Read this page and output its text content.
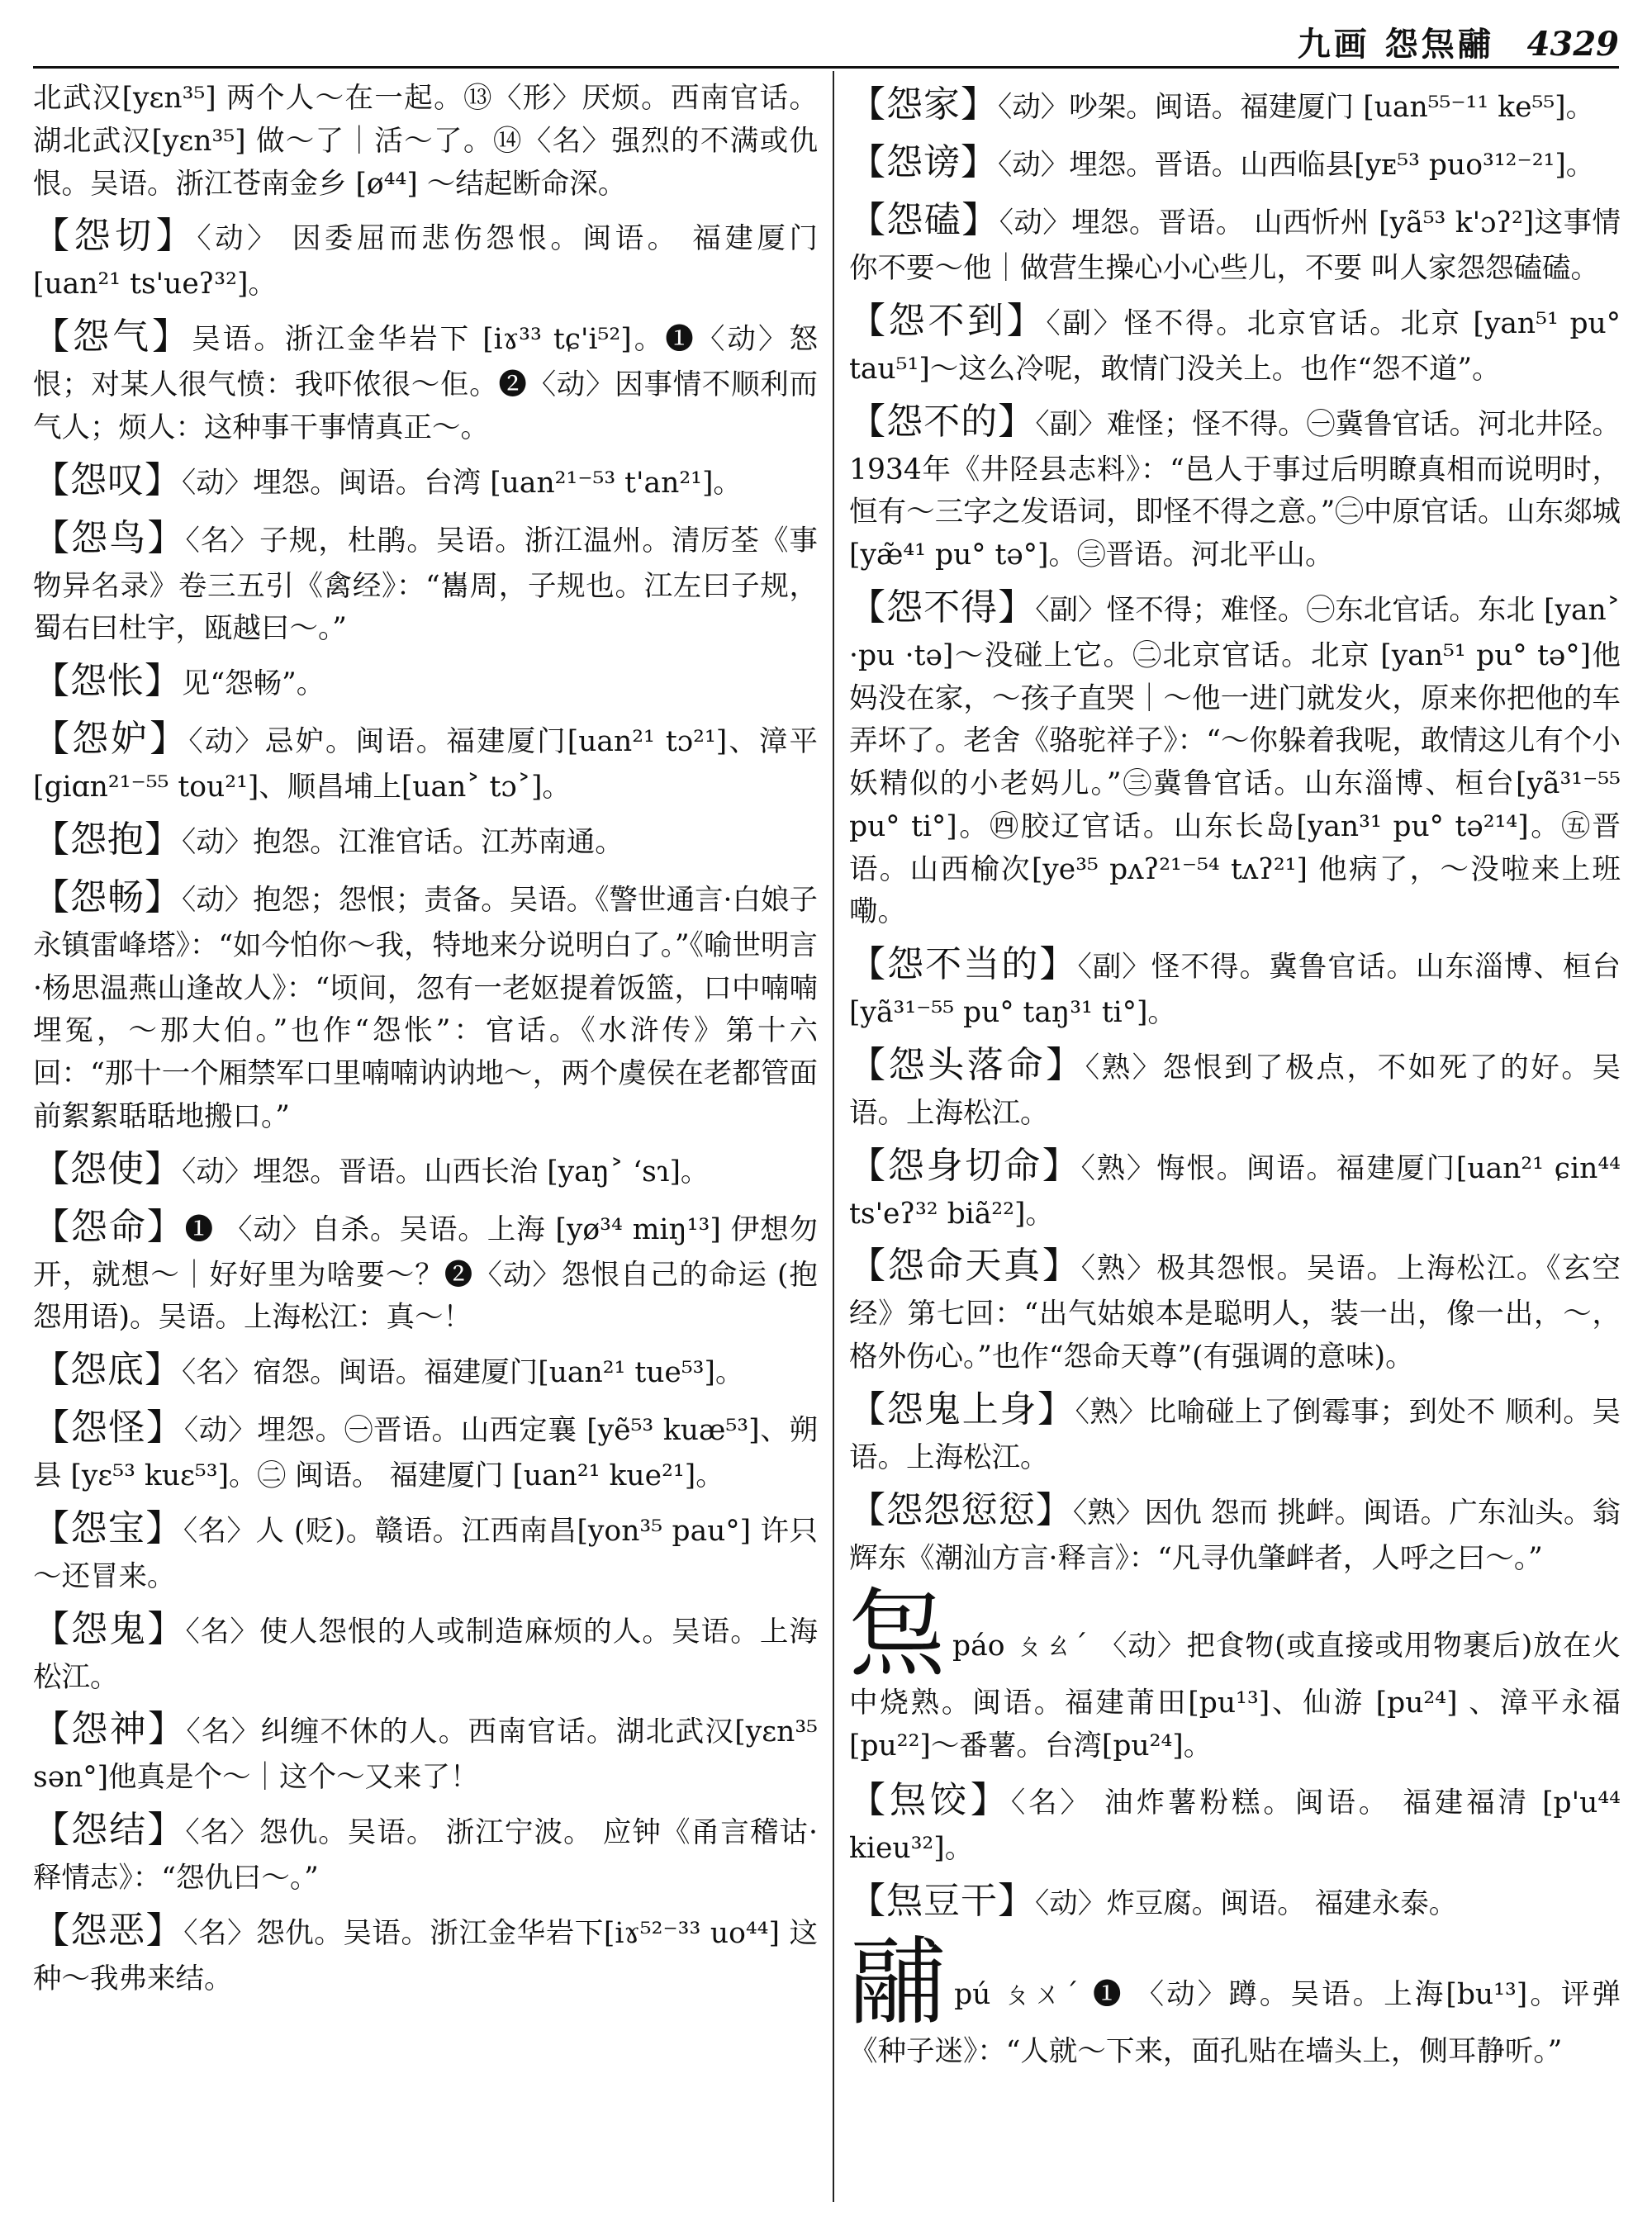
九画 怨炰鬴 4329

北武汉[yɛn³⁵] 两个人～在一起。⑬〈形〉厌烦。西南官话。湖北武汉[yɛn³⁵] 做～了｜活～了。⑭〈名〉强烈的不满或仇恨。吴语。浙江苍南金乡 [ø⁴⁴] ～结起断命深。

【怨切】〈动〉 因委屈而悲伤怨恨。闽语。 福建厦门 [uan²¹ ts'ueʔ³²]。

【怨气】吴语。浙江金华岩下 [iɤ³³ tɕ'i⁵²]。❶〈动〉怒恨；对某人很气愤：我吓侬很～佢。❷〈动〉因事情不顺利而气人；烦人：这种事干事情真正～。

【怨叹】〈动〉埋怨。闽语。台湾 [uan²¹⁻⁵³ t'an²¹]。

【怨鸟】〈名〉子规，杜鹃。吴语。浙江温州。清厉荃《事物异名录》卷三五引《禽经》：“巂周，子规也。江左曰子规，蜀右曰杜宇，瓯越曰～。”

【怨怅】见“怨畅”。

【怨妒】〈动〉忌妒。闽语。福建厦门[uan²¹ tɔ²¹]、漳平 [giɑn²¹⁻⁵⁵ tou²¹]、顺昌埔上[uan˃ tɔ˃]。

【怨抱】〈动〉抱怨。江淮官话。江苏南通。

【怨畅】〈动〉抱怨；怨恨；责备。吴语。《警世通言·白娘子永镇雷峰塔》：“如今怕你～我，特地来分说明白了。”《喻世明言·杨思温燕山逢故人》：“顷间，忽有一老妪提着饭篮，口中喃喃埋冤，～那大伯。”也作“怨怅”：官话。《水浒传》第十六回：“那十一个厢禁军口里喃喃讷讷地～，两个虞侯在老都管面前絮絮聒聒地搬口。”

【怨使】〈动〉埋怨。晋语。山西长治 [yaŋ˃ ‘sɿ]。

【怨命】❶ 〈动〉自杀。吴语。上海 [yø³⁴ miŋ¹³] 伊想勿开，就想～｜好好里为啥要～？❷〈动〉怨恨自己的命运 (抱怨用语)。吴语。上海松江：真～！

【怨底】〈名〉宿怨。闽语。福建厦门[uan²¹ tue⁵³]。

【怨怪】〈动〉埋怨。㊀晋语。山西定襄 [yẽ⁵³ kuæ⁵³]、朔县 [yɛ⁵³ kuɛ⁵³]。㊁ 闽语。 福建厦门 [uan²¹ kue²¹]。

【怨宝】〈名〉人 (贬)。赣语。江西南昌[yon³⁵ pau°] 许只～还冒来。

【怨鬼】〈名〉使人怨恨的人或制造麻烦的人。吴语。上海松江。

【怨神】〈名〉纠缠不休的人。西南官话。湖北武汉[yɛn³⁵ sən°]他真是个～｜这个～又来了！

【怨结】〈名〉怨仇。吴语。 浙江宁波。 应钟《甬言稽诂·释情志》：“怨仇曰～。”

【怨恶】〈名〉怨仇。吴语。浙江金华岩下[iɤ⁵²⁻³³ uo⁴⁴] 这种～我弗来结。

【怨家】〈动〉吵架。闽语。福建厦门 [uan⁵⁵⁻¹¹ ke⁵⁵]。

【怨谤】〈动〉埋怨。晋语。山西临县[yᴇ⁵³ puo³¹²⁻²¹]。

【怨磕】〈动〉埋怨。晋语。 山西忻州 [yã⁵³ k'ɔʔ²]这事情你不要～他｜做营生操心小心些儿，不要 叫人家怨怨磕磕。

【怨不到】〈副〉怪不得。北京官话。北京 [yan⁵¹ pu° tau⁵¹]～这么冷呢，敢情门没关上。也作“怨不道”。

【怨不的】〈副〉难怪；怪不得。㊀冀鲁官话。河北井陉。1934年《井陉县志料》：“邑人于事过后明瞭真相而说明时，恒有～三字之发语词，即怪不得之意。”㊁中原官话。山东郯城[yæ̃⁴¹ pu° tə°]。㊂晋语。河北平山。

【怨不得】〈副〉怪不得；难怪。㊀东北官话。东北 [yan˃ ·pu ·tə]～没碰上它。㊁北京官话。北京 [yan⁵¹ pu° tə°]他妈没在家，～孩子直哭｜～他一进门就发火，原来你把他的车弄坏了。老舍《骆驼祥子》：“～你躲着我呢，敢情这儿有个小妖精似的小老妈儿。”㊂冀鲁官话。山东淄博、桓台[yã³¹⁻⁵⁵ pu° ti°]。㊃胶辽官话。山东长岛[yan³¹ pu° tə²¹⁴]。㊄晋语。山西榆次[ye³⁵ pʌʔ²¹⁻⁵⁴ tʌʔ²¹] 他病了，～没啦来上班嘞。

【怨不当的】〈副〉怪不得。冀鲁官话。山东淄博、桓台 [yã³¹⁻⁵⁵ pu° taŋ³¹ ti°]。

【怨头落命】〈熟〉怨恨到了极点，不如死了的好。吴语。上海松江。

【怨身切命】〈熟〉悔恨。闽语。福建厦门[uan²¹ ɕin⁴⁴ ts'eʔ³² biã²²]。

【怨命天真】〈熟〉极其怨恨。吴语。上海松江。《玄空经》第七回：“出气姑娘本是聪明人，装一出，像一出，～，格外伤心。”也作“怨命天尊”(有强调的意味)。

【怨鬼上身】〈熟〉比喻碰上了倒霉事；到处不 顺利。吴语。上海松江。

【怨怨愆愆】〈熟〉因仇 怨而 挑衅。闽语。广东汕头。翁辉东《潮汕方言·释言》：“凡寻仇肇衅者，人呼之曰～。”

炰páo ㄆㄠˊ 〈动〉把食物(或直接或用物裹后)放在火中烧熟。闽语。福建莆田[pu¹³]、仙游 [pu²⁴] 、漳平永福[pu²²]～番薯。台湾[pu²⁴]。

【炰饺】〈名〉 油炸薯粉糕。闽语。 福建福清 [p'u⁴⁴ kieu³²]。

【炰豆干】〈动〉炸豆腐。闽语。 福建永泰。

鬴pú ㄆㄨˊ ❶ 〈动〉蹲。吴语。上海[bu¹³]。评弹《种子迷》：“人就～下来，面孔贴在墙头上，侧耳静听。”
